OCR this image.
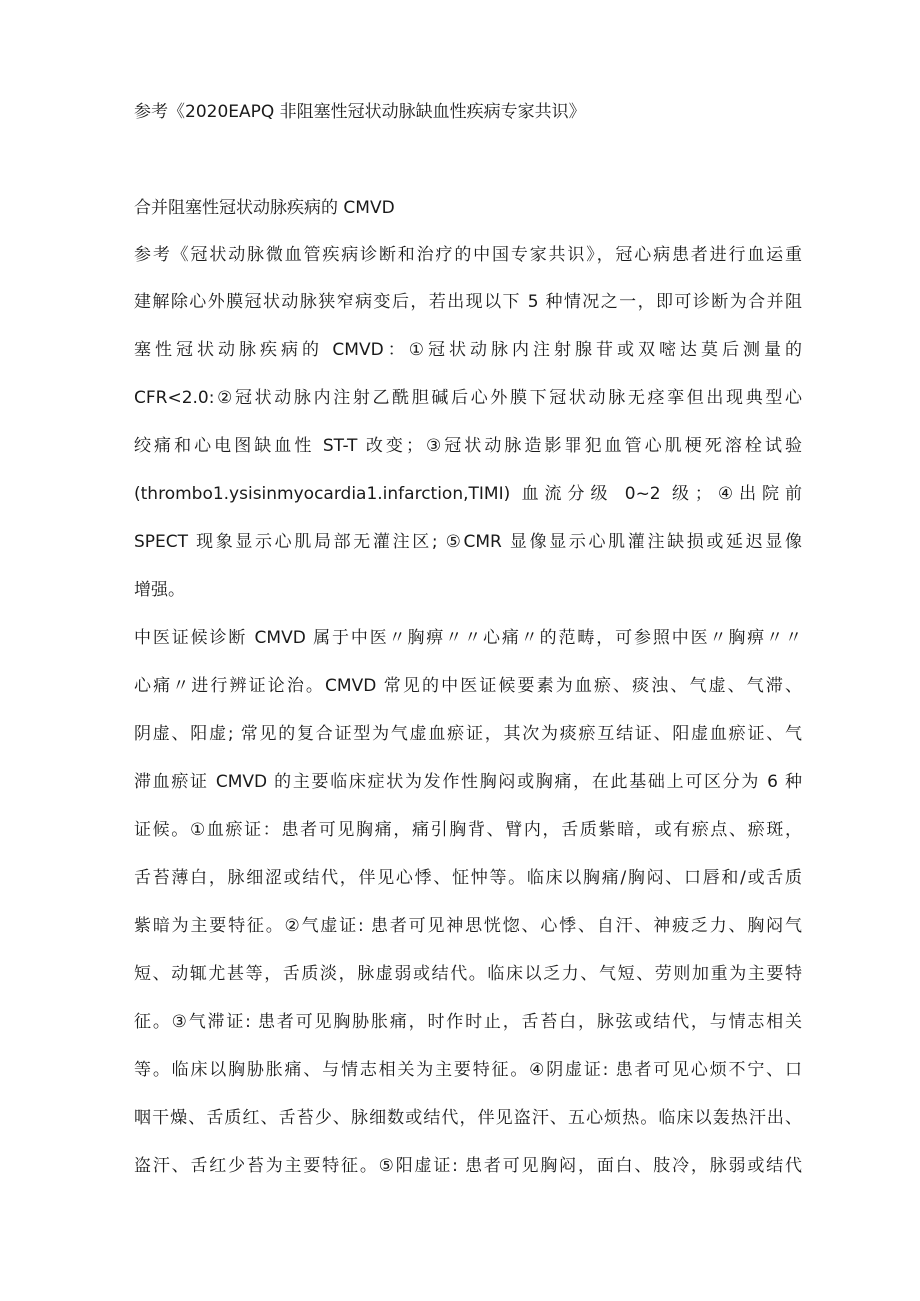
参考《2020EAPQ 非阻塞性冠状动脉缺血性疾病专家共识》
合并阻塞性冠状动脉疾病的 CMVD
参考《冠状动脉微血管疾病诊断和治疗的中国专家共识》，冠心病患者进行血运重
建解除心外膜冠状动脉狭窄病变后，若出现以下 5 种情况之一，即可诊断为合并阻
塞性冠状动脉疾病的 CMVD：①冠状动脉内注射腺苷或双嘧达莫后测量的
CFR<2.0:②冠状动脉内注射乙酰胆碱后心外膜下冠状动脉无痉挛但出现典型心
绞痛和心电图缺血性 ST-T 改变；③冠状动脉造影罪犯血管心肌梗死溶栓试验
(thrombo1.ysisinmyocardia1.infarction,TIMI) 血流分级 0~2 级；④出院前
SPECT 现象显示心肌局部无灌注区; ⑤CMR 显像显示心肌灌注缺损或延迟显像
增强。
中医证候诊断 CMVD 属于中医〃胸痹〃〃心痛〃的范畴，可参照中医〃胸痹〃〃
心痛〃进行辨证论治。CMVD 常见的中医证候要素为血瘀、痰浊、气虚、气滞、
阴虚、阳虚; 常见的复合证型为气虚血瘀证，其次为痰瘀互结证、阳虚血瘀证、气
滞血瘀证 CMVD 的主要临床症状为发作性胸闷或胸痛，在此基础上可区分为 6 种
证候。①血瘀证：患者可见胸痛，痛引胸背、臂内，舌质紫暗，或有瘀点、瘀斑，
舌苔薄白，脉细涩或结代，伴见心悸、怔忡等。临床以胸痛/胸闷、口唇和/或舌质
紫暗为主要特征。②气虚证: 患者可见神思恍惚、心悸、自汗、神疲乏力、胸闷气
短、动辄尤甚等，舌质淡，脉虚弱或结代。临床以乏力、气短、劳则加重为主要特
征。③气滞证: 患者可见胸胁胀痛，时作时止，舌苔白，脉弦或结代，与情志相关
等。临床以胸胁胀痛、与情志相关为主要特征。④阴虚证: 患者可见心烦不宁、口
咽干燥、舌质红、舌苔少、脉细数或结代，伴见盗汗、五心烦热。临床以轰热汗出、
盗汗、舌红少苔为主要特征。⑤阳虚证: 患者可见胸闷，面白、肢冷，脉弱或结代
